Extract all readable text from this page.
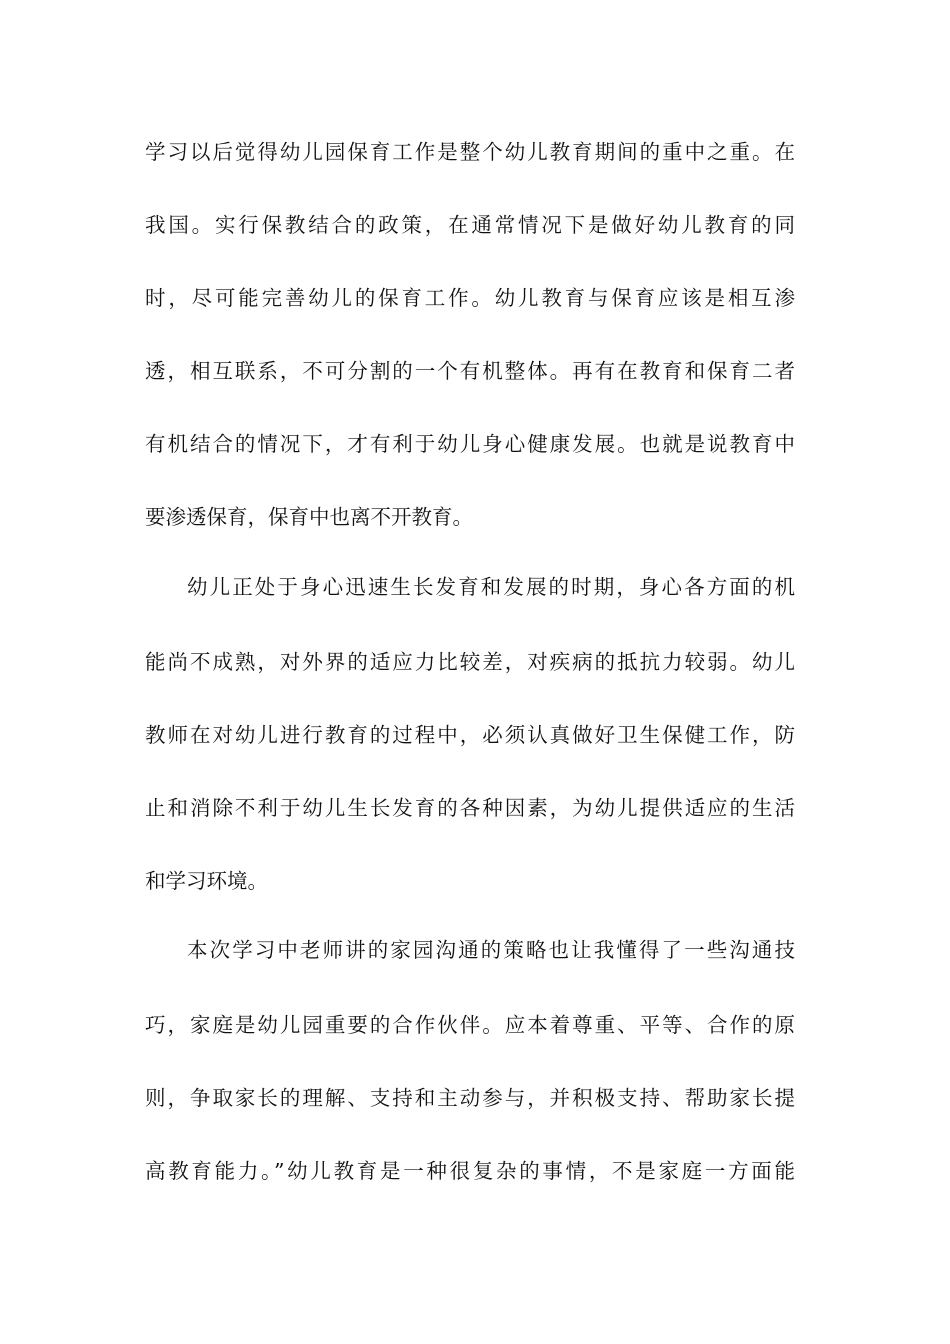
学习以后觉得幼儿园保育工作是整个幼儿教育期间的重中之重。在
我国。实行保教结合的政策，在通常情况下是做好幼儿教育的同
时，尽可能完善幼儿的保育工作。幼儿教育与保育应该是相互渗
透，相互联系，不可分割的一个有机整体。再有在教育和保育二者
有机结合的情况下，才有利于幼儿身心健康发展。也就是说教育中
要渗透保育，保育中也离不开教育。
幼儿正处于身心迅速生长发育和发展的时期，身心各方面的机
能尚不成熟，对外界的适应力比较差，对疾病的抵抗力较弱。幼儿
教师在对幼儿进行教育的过程中，必须认真做好卫生保健工作，防
止和消除不利于幼儿生长发育的各种因素，为幼儿提供适应的生活
和学习环境。
本次学习中老师讲的家园沟通的策略也让我懂得了一些沟通技
巧，家庭是幼儿园重要的合作伙伴。应本着尊重、平等、合作的原
则，争取家长的理解、支持和主动参与，并积极支持、帮助家长提
高教育能力。”幼儿教育是一种很复杂的事情，不是家庭一方面能
